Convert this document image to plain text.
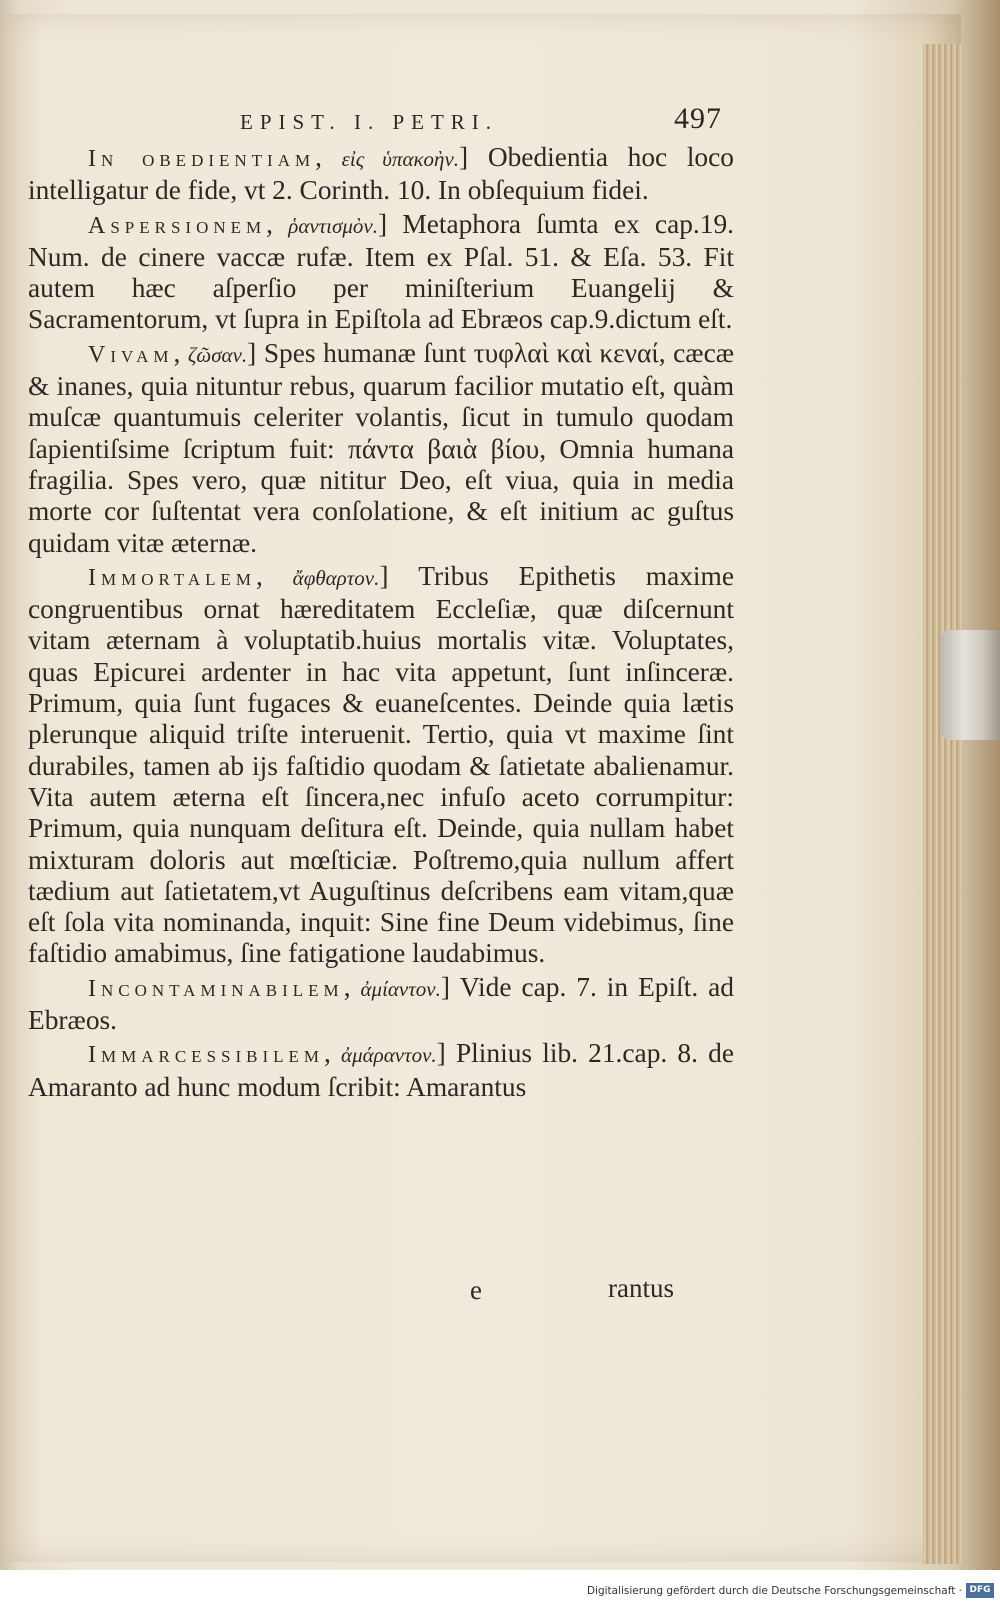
EPIST. I. PETRI.	497

In obedientiam, εἰς ὑπακοὴν.] Obedientia hoc loco intelligatur de fide, vt 2. Corinth. 10. In obſequium fidei.

Aspersionem, ῥαντισμὸν.] Metaphora ſumta ex cap.19. Num. de cinere vaccæ rufæ. Item ex Pſal. 51. & Eſa. 53. Fit autem hæc aſperſio per miniſterium Euangelij & Sacramentorum, vt ſupra in Epiſtola ad Ebræos cap.9.dictum eſt.

Vivam, ζῶσαν.] Spes humanæ ſunt τυφλαὶ καὶ κεναί, cæcæ & inanes, quia nituntur rebus, quarum facilior mutatio eſt, quàm muſcæ quantumuis celeriter volantis, ſicut in tumulo quodam ſapientiſsime ſcriptum fuit: πάντα βαιὰ βίου, Omnia humana fragilia. Spes vero, quæ nititur Deo, eſt viua, quia in media morte cor ſuſtentat vera conſolatione, & eſt initium ac guſtus quidam vitæ æternæ.

Immortalem, ἄφθαρτον.] Tribus Epithetis maxime congruentibus ornat hæreditatem Eccleſiæ, quæ diſcernunt vitam æternam à voluptatib.huius mortalis vitæ. Voluptates, quas Epicurei ardenter in hac vita appetunt, ſunt inſinceræ. Primum, quia ſunt fugaces & euaneſcentes. Deinde quia lætis plerunque aliquid triſte interuenit. Tertio, quia vt maxime ſint durabiles, tamen ab ijs faſtidio quodam & ſatietate abalienamur. Vita autem æterna eſt ſincera,nec infuſo aceto corrumpitur: Primum, quia nunquam deſitura eſt. Deinde, quia nullam habet mixturam doloris aut mœſticiæ. Poſtremo,quia nullum affert tædium aut ſatietatem,vt Auguſtinus deſcribens eam vitam,quæ eſt ſola vita nominanda, inquit: Sine fine Deum videbimus, ſine faſtidio amabimus, ſine fatigatione laudabimus.

Incontaminabilem, ἀμίαντον.] Vide cap. 7. in Epiſt. ad Ebræos.

Immarcessibilem, ἀμάραντον.] Plinius lib. 21.cap. 8. de Amaranto ad hunc modum ſcribit: Amarantus

e	rantus
Digitalisierung gefördert durch die Deutsche Forschungsgemeinschaft · DFG
